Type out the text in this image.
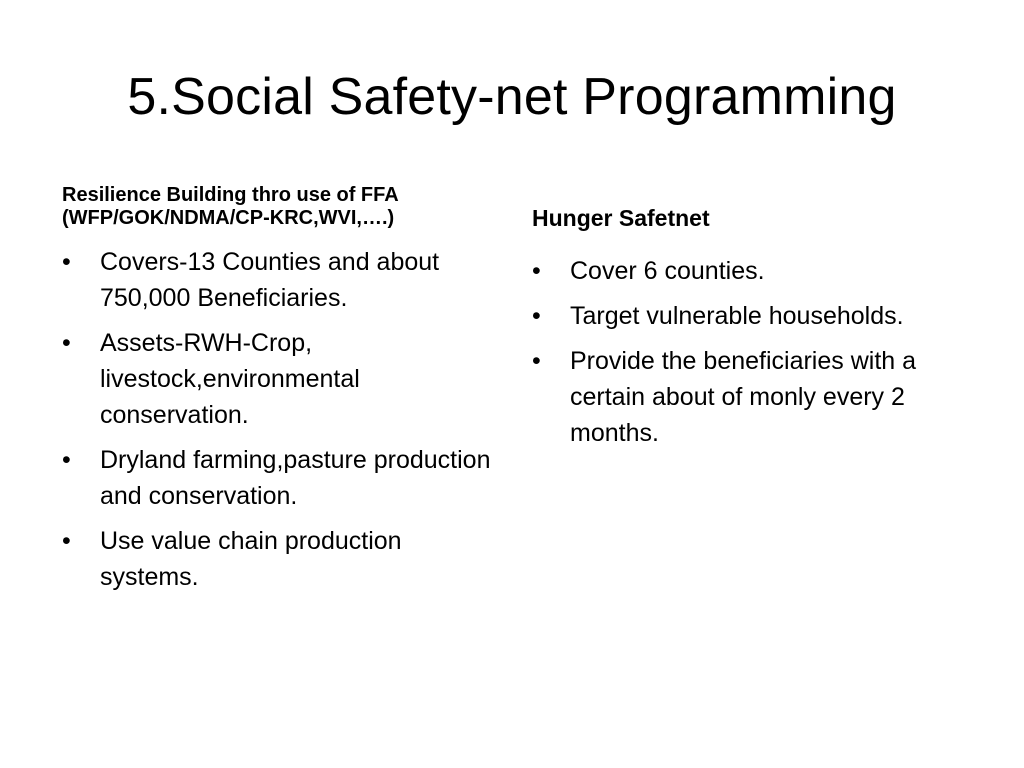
5.Social Safety-net Programming
Resilience Building thro use of FFA
(WFP/GOK/NDMA/CP-KRC,WVI,….)
•	Covers-13 Counties and about 750,000 Beneficiaries.
•	Assets-RWH-Crop, livestock,environmental conservation.
•	Dryland farming,pasture production and conservation.
•	Use value chain production systems.
Hunger Safetnet
•	Cover 6 counties.
•	Target vulnerable households.
•	Provide the beneficiaries with a certain about of monly every 2 months.
